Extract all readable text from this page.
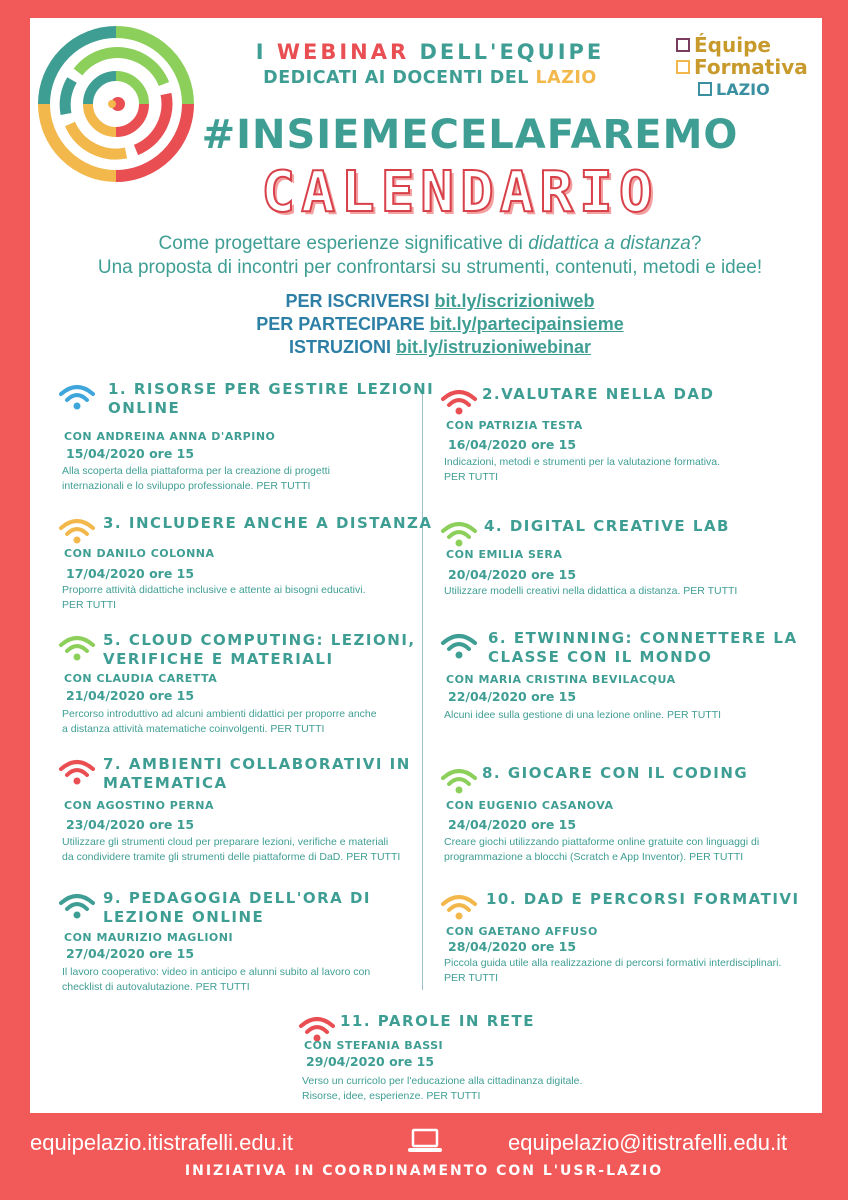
I WEBINAR DELL'EQUIPE
DEDICATI AI DOCENTI DEL LAZIO
Équipe
Formativa
LAZIO
#INSIEMECELAFAREMO
CALENDARIO
Come progettare esperienze significative di didattica a distanza?
Una proposta di incontri per confrontarsi su strumenti, contenuti, metodi e idee!
PER ISCRIVERSI bit.ly/iscrizioniweb
PER PARTECIPARE bit.ly/partecipainsieme
ISTRUZIONI bit.ly/istruzioniwebinar
1. RISORSE PER GESTIRE LEZIONI
ONLINE
CON ANDREINA ANNA D'ARPINO
15/04/2020 ore 15
Alla scoperta della piattaforma per la creazione di progetti
internazionali e lo sviluppo professionale. PER TUTTI
2.VALUTARE NELLA DAD
CON PATRIZIA TESTA
16/04/2020 ore 15
Indicazioni, metodi e strumenti per la valutazione formativa.
PER TUTTI
3. INCLUDERE ANCHE A DISTANZA
CON DANILO COLONNA
17/04/2020 ore 15
Proporre attività didattiche inclusive e attente ai bisogni educativi.
PER TUTTI
4. DIGITAL CREATIVE LAB
CON EMILIA SERA
20/04/2020 ore 15
Utilizzare modelli creativi nella didattica a distanza. PER TUTTI
5. CLOUD COMPUTING: LEZIONI,
VERIFICHE E MATERIALI
CON CLAUDIA CARETTA
21/04/2020 ore 15
Percorso introduttivo ad alcuni ambienti didattici per proporre anche
a distanza attività matematiche coinvolgenti. PER TUTTI
6. ETWINNING: CONNETTERE LA
CLASSE CON IL MONDO
CON MARIA CRISTINA BEVILACQUA
22/04/2020 ore 15
Alcuni idee sulla gestione di una lezione online. PER TUTTI
7. AMBIENTI COLLABORATIVI IN
MATEMATICA
CON AGOSTINO PERNA
23/04/2020 ore 15
Utilizzare gli strumenti cloud per preparare lezioni, verifiche e materiali
da condividere tramite gli strumenti delle piattaforme di DaD. PER TUTTI
8. GIOCARE CON IL CODING
CON EUGENIO CASANOVA
24/04/2020 ore 15
Creare giochi utilizzando piattaforme online gratuite con linguaggi di
programmazione a blocchi (Scratch e App Inventor). PER TUTTI
9. PEDAGOGIA DELL'ORA DI
LEZIONE ONLINE
CON MAURIZIO MAGLIONI
27/04/2020 ore 15
Il lavoro cooperativo: video in anticipo e alunni subito al lavoro con
checklist di autovalutazione. PER TUTTI
10. DAD E PERCORSI FORMATIVI
CON GAETANO AFFUSO
28/04/2020 ore 15
Piccola guida utile alla realizzazione di percorsi formativi interdisciplinari.
PER TUTTI
11. PAROLE IN RETE
CON STEFANIA BASSI
29/04/2020 ore 15
Verso un curricolo per l'educazione alla cittadinanza digitale.
Risorse, idee, esperienze. PER TUTTI
equipelazio.itistrafelli.edu.it	equipelazio@itistrafelli.edu.it
INIZIATIVA IN COORDINAMENTO CON L'USR-LAZIO
